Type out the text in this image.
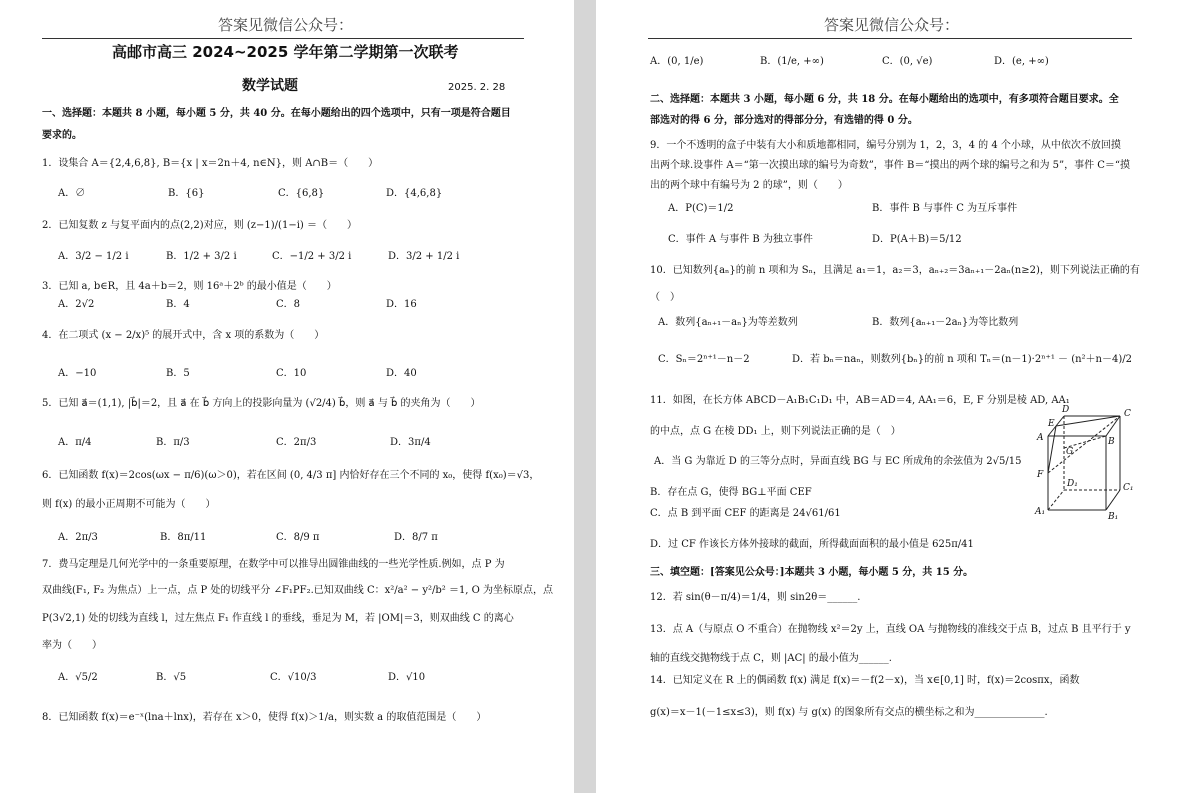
答案见微信公众号：
高邮市高三 2024~2025 学年第二学期第一次联考
数学试题	2025. 2. 28
一、选择题：本题共 8 小题，每小题 5 分，共 40 分。在每小题给出的四个选项中，只有一项是符合题目
要求的。
1．设集合 A＝{2,4,6,8}, B＝{x | x＝2n＋4, n∈N}，则 A∩B＝（　　）
A．∅	B．{6}	C．{6,8}	D．{4,6,8}
2．已知复数 z 与复平面内的点(2,2)对应，则 (z−1)/(1−i) ＝（　　）
A．3/2 − 1/2 i	B．1/2 + 3/2 i	C．−1/2 + 3/2 i	D．3/2 + 1/2 i
3．已知 a, b∈R，且 4a＋b＝2，则 16ᵃ＋2ᵇ 的最小值是（　　）
A．2√2	B．4	C．8	D．16
4．在二项式 (x − 2/x)⁵ 的展开式中，含 x 项的系数为（　　）
A．−10	B．5	C．10	D．40
5．已知 a⃗＝(1,1), |b⃗|＝2，且 a⃗ 在 b⃗ 方向上的投影向量为 (√2/4) b⃗，则 a⃗ 与 b⃗ 的夹角为（　　）
A．π/4	B．π/3	C．2π/3	D．3π/4
6．已知函数 f(x)＝2cos(ωx − π/6)(ω＞0)，若在区间 (0, 4/3 π] 内恰好存在三个不同的 x₀，使得 f(x₀)＝√3，
则 f(x) 的最小正周期不可能为（　　）
A．2π/3	B．8π/11	C．8/9 π	D．8/7 π
7．费马定理是几何光学中的一条重要原理，在数学中可以推导出圆锥曲线的一些光学性质.例如，点 P 为
双曲线(F₁, F₂ 为焦点）上一点，点 P 处的切线平分 ∠F₁PF₂.已知双曲线 C：x²/a² − y²/b² ＝1, O 为坐标原点，点
P(3√2,1) 处的切线为直线 l，过左焦点 F₁ 作直线 l 的垂线，垂足为 M，若 |OM|＝3，则双曲线 C 的离心
率为（　　）
A．√5/2	B．√5	C．√10/3	D．√10
8．已知函数 f(x)＝e⁻ˣ(lna＋lnx)，若存在 x＞0，使得 f(x)＞1/a，则实数 a 的取值范围是（　　）
答案见微信公众号：
A．(0, 1/e)	B．(1/e, +∞)	C．(0, √e)	D．(e, +∞)
二、选择题：本题共 3 小题，每小题 6 分，共 18 分。在每小题给出的选项中，有多项符合题目要求。全
部选对的得 6 分，部分选对的得部分分，有选错的得 0 分。
9．一个不透明的盒子中装有大小和质地都相同，编号分别为 1，2，3，4 的 4 个小球，从中依次不放回摸
出两个球.设事件 A＝“第一次摸出球的编号为奇数”，事件 B＝“摸出的两个球的编号之和为 5”，事件 C＝“摸
出的两个球中有编号为 2 的球”，则（　　）
A．P(C)＝1/2	B．事件 B 与事件 C 为互斥事件
C．事件 A 与事件 B 为独立事件	D．P(A＋B)＝5/12
10．已知数列{aₙ}的前 n 项和为 Sₙ，且满足 a₁＝1，a₂＝3，aₙ₊₂＝3aₙ₊₁－2aₙ(n≥2)，则下列说法正确的有
（　）
A．数列{aₙ₊₁－aₙ}为等差数列	B．数列{aₙ₊₁－2aₙ}为等比数列
C．Sₙ＝2ⁿ⁺¹－n－2	D．若 bₙ＝naₙ，则数列{bₙ}的前 n 项和 Tₙ＝(n－1)·2ⁿ⁺¹ － (n²＋n－4)/2
11．如图，在长方体 ABCD－A₁B₁C₁D₁ 中，AB＝AD＝4, AA₁＝6，E, F 分别是棱 AD, AA₁
的中点，点 G 在棱 DD₁ 上，则下列说法正确的是（　）
A．当 G 为靠近 D 的三等分点时，异面直线 BG 与 EC 所成角的余弦值为 2√5/15
B．存在点 G，使得 BG⊥平面 CEF
C．点 B 到平面 CEF 的距离是 24√61/61
D．过 CF 作该长方体外接球的截面，所得截面面积的最小值是 625π/41
D	C
E
A	B
G
F
D₁	C₁
A₁	B₁
三、填空题：[答案见公众号：]本题共 3 小题，每小题 5 分，共 15 分。
12．若 sin(θ－π/4)＝1/4，则 sin2θ＝______.
13．点 A（与原点 O 不重合）在抛物线 x²＝2y 上，直线 OA 与抛物线的准线交于点 B，过点 B 且平行于 y
轴的直线交抛物线于点 C，则 |AC| 的最小值为______.
14．已知定义在 R 上的偶函数 f(x) 满足 f(x)＝－f(2－x)，当 x∈[0,1] 时，f(x)＝2cosπx，函数
g(x)＝x－1(－1≤x≤3)，则 f(x) 与 g(x) 的图象所有交点的横坐标之和为______________.
